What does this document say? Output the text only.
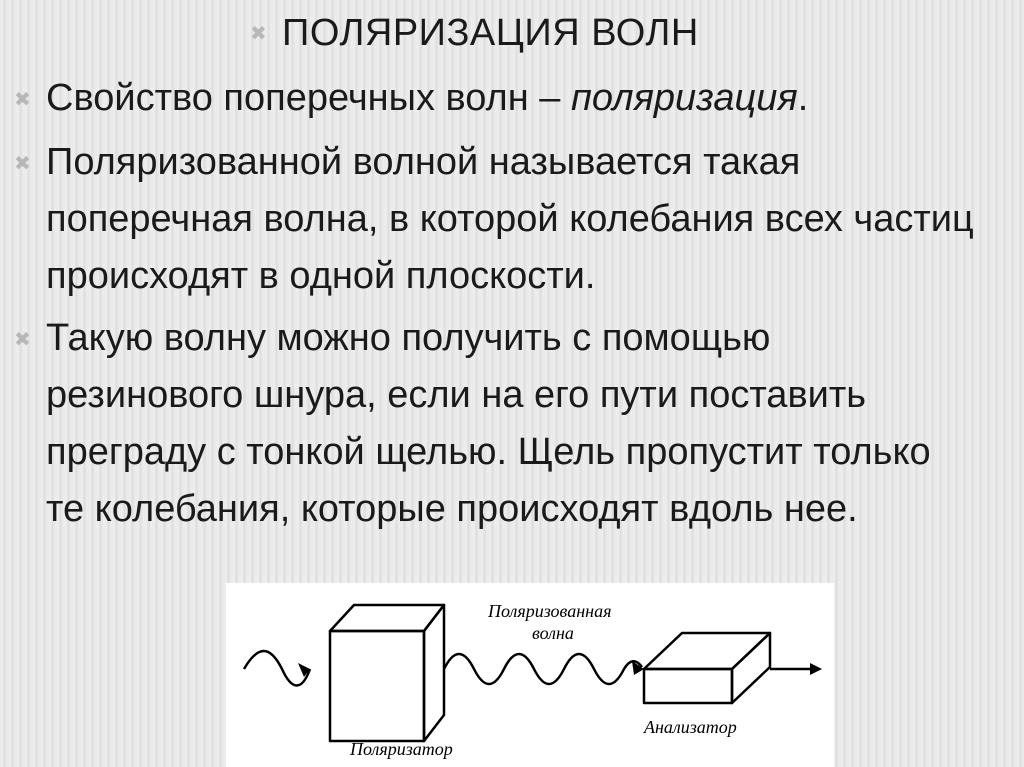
✖ ПОЛЯРИЗАЦИЯ ВОЛН
✖ Свойство поперечных волн – поляризация.
✖ Поляризованной волной называется такая поперечная волна, в которой колебания всех частиц происходят в одной плоскости.
✖ Такую волну можно получить с помощью резинового шнура, если на его пути поставить преграду с тонкой щелью. Щель пропустит только те колебания, которые происходят вдоль нее.
Поляризованная
волна
Поляризатор
Анализатор
